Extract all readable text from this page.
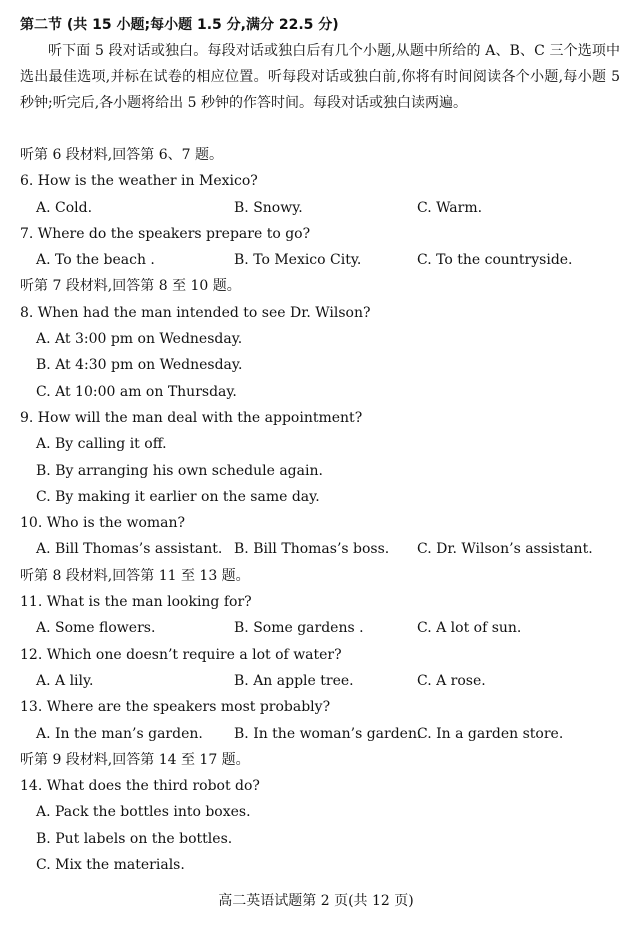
第二节 (共 15 小题;每小题 1.5 分,满分 22.5 分)

听下面 5 段对话或独白。每段对话或独白后有几个小题,从题中所给的 A、B、C 三个选项中选出最佳选项,并标在试卷的相应位置。听每段对话或独白前,你将有时间阅读各个小题,每小题 5 秒钟;听完后,各小题将给出 5 秒钟的作答时间。每段对话或独白读两遍。

听第 6 段材料,回答第 6、7 题。
6. How is the weather in Mexico?
A. Cold.	B. Snowy.	C. Warm.
7. Where do the speakers prepare to go?
A. To the beach .	B. To Mexico City.	C. To the countryside.
听第 7 段材料,回答第 8 至 10 题。
8. When had the man intended to see Dr. Wilson?
A. At 3:00 pm on Wednesday.
B. At 4:30 pm on Wednesday.
C. At 10:00 am on Thursday.
9. How will the man deal with the appointment?
A. By calling it off.
B. By arranging his own schedule again.
C. By making it earlier on the same day.
10. Who is the woman?
A. Bill Thomas’s assistant. B. Bill Thomas’s boss. C. Dr. Wilson’s assistant.
听第 8 段材料,回答第 11 至 13 题。
11. What is the man looking for?
A. Some flowers.	B. Some gardens .	C. A lot of sun.
12. Which one doesn’t require a lot of water?
A. A lily.	B. An apple tree.	C. A rose.
13. Where are the speakers most probably?
A. In the man’s garden. B. In the woman’s garden.
C. In a garden store.
听第 9 段材料,回答第 14 至 17 题。
14. What does the third robot do?
A. Pack the bottles into boxes.
B. Put labels on the bottles.
C. Mix the materials.
高二英语试题第 2 页(共 12 页)
